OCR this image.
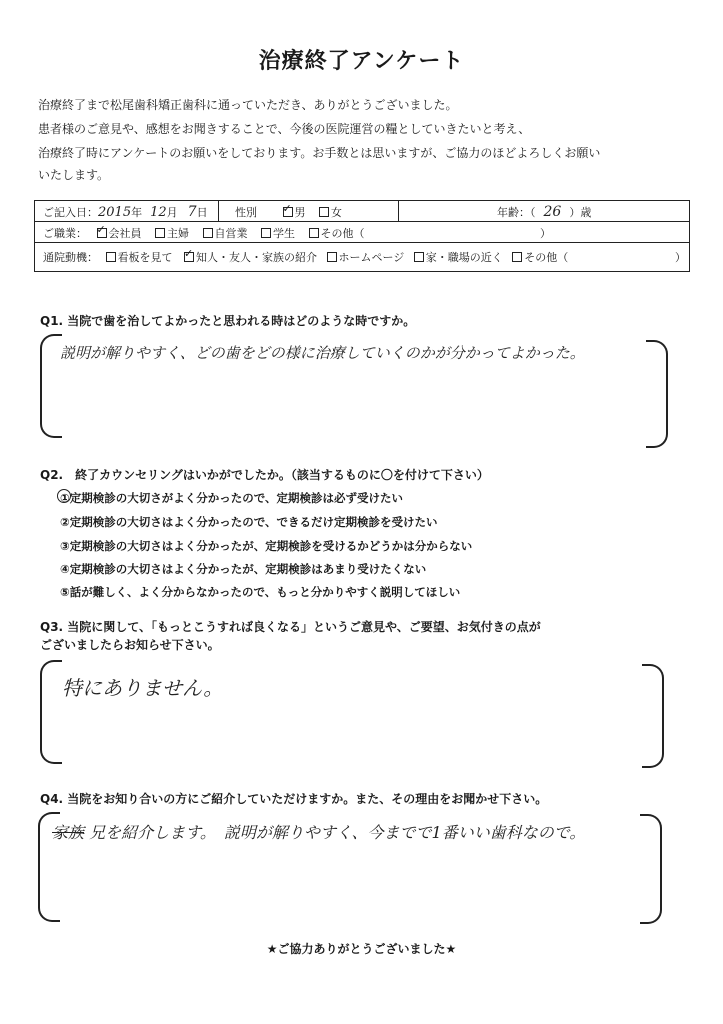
治療終了アンケート
治療終了まで松尾歯科矯正歯科に通っていただき、ありがとうございました。
患者様のご意見や、感想をお聞きすることで、今後の医院運営の糧としていきたいと考え、
治療終了時にアンケートのお願いをしております。お手数とは思いますが、ご協力のほどよろしくお願い
いたします。
ご記入日：2015年 12月 7日 性別 ✓	男 女	年齢：（ 26 ）歳
ご職業： ✓ 会社員 主婦 自営業 学生 その他（	）
通院動機： 看板を見て ✓ 知人・友人・家族の紹介 ホームページ 家・職場の近く その他（	）
Q1. 当院で歯を治してよかったと思われる時はどのような時ですか。
説明が解りやすく、どの歯をどの様に治療していくのかが分かってよかった。
Q2.　終了カウンセリングはいかがでしたか。（該当するものに〇を付けて下さい）
①定期検診の大切さがよく分かったので、定期検診は必ず受けたい
②定期検診の大切さはよく分かったので、できるだけ定期検診を受けたい
③定期検診の大切さはよく分かったが、定期検診を受けるかどうかは分からない
④定期検診の大切さはよく分かったが、定期検診はあまり受けたくない
⑤話が難しく、よく分からなかったので、もっと分かりやすく説明してほしい
Q3. 当院に関して、「もっとこうすれば良くなる」というご意見や、ご要望、お気付きの点が
ございましたらお知らせ下さい。
特にありません。
Q4. 当院をお知り合いの方にご紹介していただけますか。また、その理由をお聞かせ下さい。
家族 兄を紹介します。　説明が解りやすく、今までで1番いい歯科なので。
★ご協力ありがとうございました★
